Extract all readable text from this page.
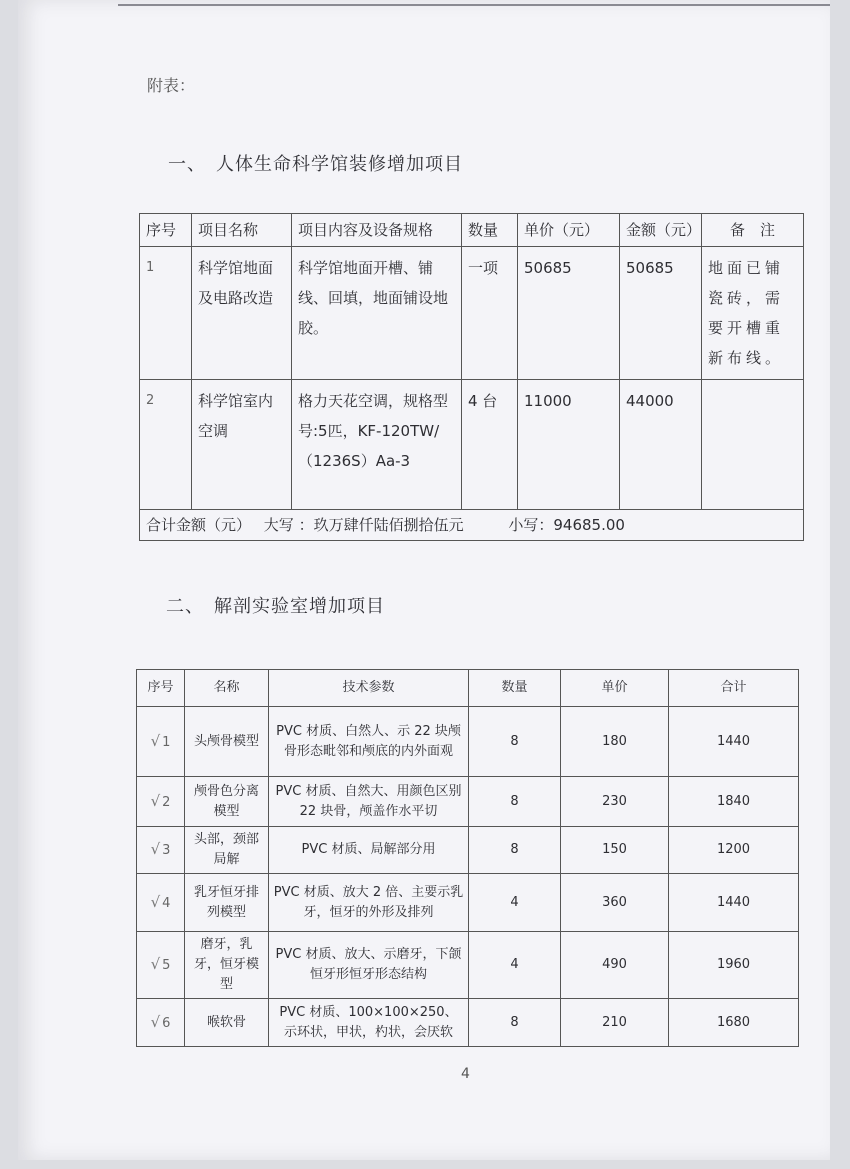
附表：
一、 人体生命科学馆装修增加项目
序号	项目名称	项目内容及设备规格	数量	单价（元）	金额（元）	备　注
1	科学馆地面及电路改造	科学馆地面开槽、铺线、回填，地面铺设地胶。	一项	50685	50685	地面已铺瓷砖，需要开槽重新布线。
2	科学馆室内空调	格力天花空调，规格型号:5匹，KF-120TW/（1236S）Aa-3	4 台	11000	44000	
合计金额（元） 大写 ：玖万肆仟陆佰捌拾伍元 小写：94685.00						
二、 解剖实验室增加项目
序号	名称	技术参数	数量	单价	合计
√ 1	头颅骨模型	PVC 材质、白然人、示 22 块颅骨形态毗邻和颅底的内外面观	8	180	1440
√ 2	颅骨色分离模型	PVC 材质、自然大、用颜色区别 22 块骨，颅盖作水平切	8	230	1840
√ 3	头部，颈部局解	PVC 材质、局解部分用	8	150	1200
√ 4	乳牙恒牙排列模型	PVC 材质、放大 2 倍、主要示乳牙，恒牙的外形及排列	4	360	1440
√ 5	磨牙，乳牙，恒牙模型	PVC 材质、放大、示磨牙，下颌恒牙形恒牙形态结构	4	490	1960
√ 6	喉软骨	PVC 材质、100×100×250、示环状，甲状，杓状，会厌软	8	210	1680
4
